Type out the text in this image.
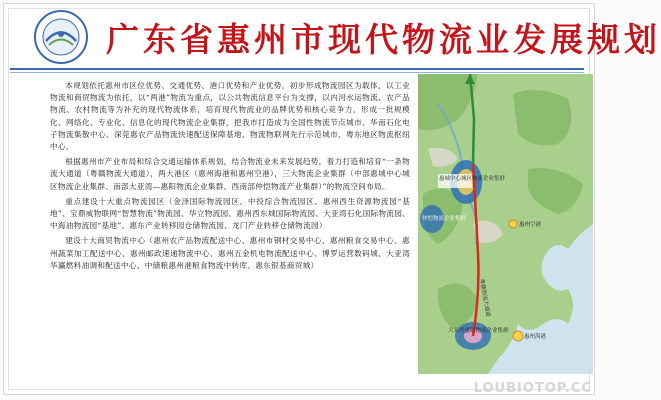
广东省惠州市现代物流业发展规划

本规划依托惠州市区位优势、交通优势、港口优势和产业优势，初步形成物流园区为载体，以工业物流和商贸物流为依托，以“两港”物流为重点，以公共物流信息平台为支撑，以内河水运物流、农产品物流、农村物流等为补充的现代物流体系，培育现代物流业的品牌优势和核心竞争力，形成一批规模化、网络化、专业化、信息化的现代物流企业集群，把我市打造成为全国性物流节点城市、华南石化电子物流集散中心、深莞惠农产品物流快速配送保障基地、物流物联网先行示范城市、粤东地区物流枢纽中心。

根据惠州市产业布局和综合交通运输体系规划，结合物流业未来发展趋势，着力打造和培育“一条物流大通道（粤赣物流大通道），两大港区（惠州海港和惠州空港），三大物流企业集群（中部惠城中心城区物流企业集群、南部大亚湾—惠阳物流企业集群、西南部仲恺物流产业集群）”的物流空间布局。

重点建设十大重点物流园区（金泽国际物流园区、中投综合物流园区、惠州西生资源物流园“基地”、宝鼎威物联网“智慧物流”物流园、华立物流园、惠州西东城国际物流园、大亚湾石化国际物流园、中海油物流园“基地”、惠东产业转移园仓储物流园、龙门产业转移仓储物流园）

建设十大商贸物流中心（惠州农产品物流配送中心、惠州市钢材交易中心、惠州粮食交易中心、惠州蔬菜加工配送中心、惠州邮政速递物流中心、惠州五金机电物流配送中心、博罗运营数码城、大亚湾华瀛燃料油调和配送中心、中储粮惠州港粮食物流中转库、惠东银基商贸城）

惠城中心城区物流企业集群
仲恺物流企业集群
惠州空港
大亚湾惠阳物流企业集群
惠州海港
粤赣物流大通道
LOUBIOTOP.CC
